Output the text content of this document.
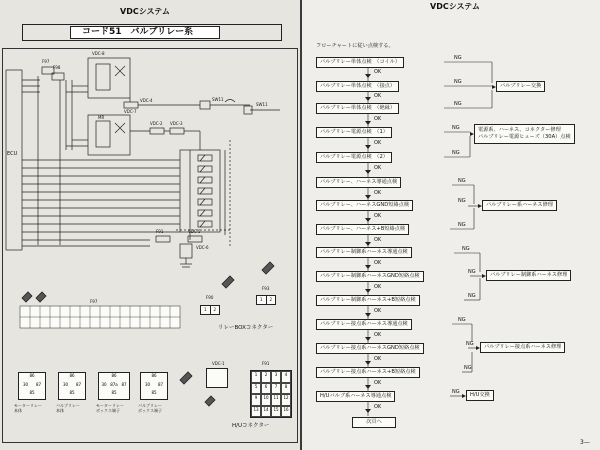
VDCシステム
コード51　バルブリレー系
ECU
F97
F98
VDC-8
VDC-4
VDC-7
VDC-2 VDC-3
F91	VDC-5
VDC-6
SW11
SW11
MR
F97
F90
1	2
F93
1	2
リレーBOXコネクター
86
30	87
85
86
30	87
85
86
30 87a 87
85
86
30	87
85
モーターリレー
本体
バルブリレー
本体
モーターリレー
ボックス端子
バルブリレー
ボックス端子
VDC-1	F91
1	2	3	4
5	6	7	8
9	10	11	12
13	14	15	16
H/Uコネクター
VDCシステム
フローチャートに従い点検する。
バルブリレー単体点検　（コイル）
バルブリレー単体点検　（接点）
バルブリレー単体点検　（絶縁）
バルブリレー電源点検　（1）
バルブリレー電源点検　（2）
バルブリレー、ハーネス導通点検
バルブリレー、ハーネスGND短絡点検
バルブリレー、ハーネス+B短絡点検
バルブリレー制御系ハーネス導通点検
バルブリレー制御系ハーネスGND短絡点検
バルブリレー制御系ハーネス+B短絡点検
バルブリレー接点系ハーネス導通点検
バルブリレー接点系ハーネスGND短絡点検
バルブリレー接点系ハーネス+B短絡点検
H/Uバルブ系ハーネス導通点検
次頁へ
OK
OK
OK
OK
OK
OK
OK
OK
OK
OK
OK
OK
OK
OK
OK
NG
NG
NG
NG
NG
NG
NG
NG
NG
NG
NG
NG
NG
NG
NG
バルブリレー交換
電源系、ハーネス、コネクター修理
バルブリレー電源ヒューズ（30A）点検
バルブリレー系ハーネス修理
バルブリレー制御系ハーネス修理
バルブリレー接点系ハーネス修理
H/U交換
3—
